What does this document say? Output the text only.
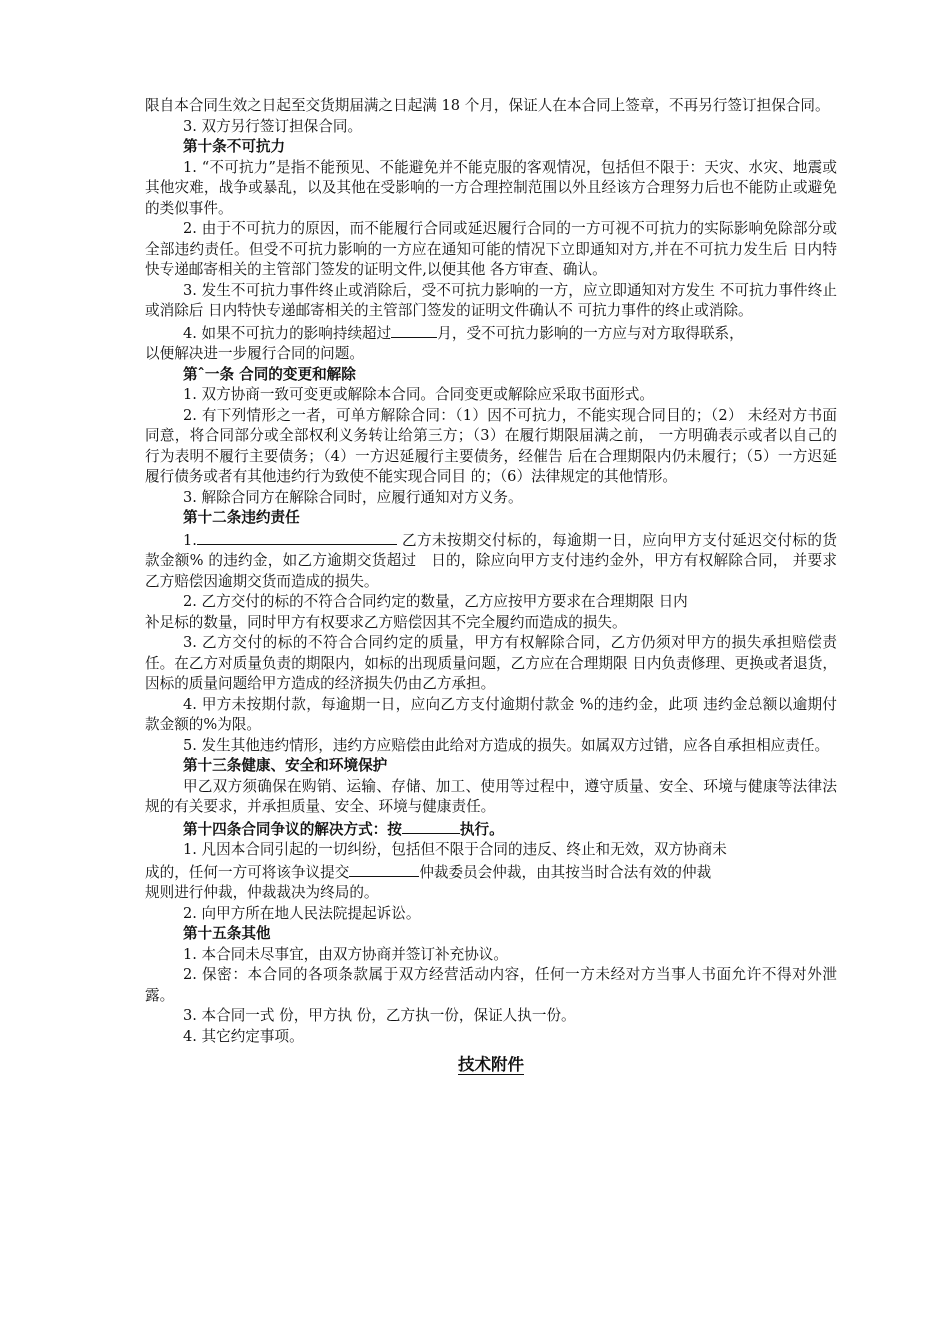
限自本合同生效之日起至交货期届满之日起满 18 个月，保证人在本合同上签章，不再另行签订担保合同。

3. 双方另行签订担保合同。

第十条不可抗力

1. “不可抗力”是指不能预见、不能避免并不能克服的客观情况，包括但不限于：天灾、水灾、地震或其他灾难，战争或暴乱，以及其他在受影响的一方合理控制范围以外且经该方合理努力后也不能防止或避免的类似事件。

2. 由于不可抗力的原因，而不能履行合同或延迟履行合同的一方可视不可抗力的实际影响免除部分或全部违约责任。但受不可抗力影响的一方应在通知可能的情况下立即通知对方,并在不可抗力发生后 日内特快专递邮寄相关的主管部门签发的证明文件,以便其他 各方审查、确认。

3. 发生不可抗力事件终止或消除后，受不可抗力影响的一方，应立即通知对方发生 不可抗力事件终止或消除后 日内特快专递邮寄相关的主管部门签发的证明文件确认不 可抗力事件的终止或消除。

4. 如果不可抗力的影响持续超过	月，受不可抗力影响的一方应与对方取得联系，

以便解决进一步履行合同的问题。

第ˆ一条 合同的变更和解除

1. 双方协商一致可变更或解除本合同。合同变更或解除应采取书面形式。

2. 有下列情形之一者，可单方解除合同：（1）因不可抗力，不能实现合同目的；（2） 未经对方书面同意，将合同部分或全部权利义务转让给第三方；（3）在履行期限届满之前， 一方明确表示或者以自己的行为表明不履行主要债务；（4）一方迟延履行主要债务，经催告 后在合理期限内仍未履行；（5）一方迟延履行债务或者有其他违约行为致使不能实现合同目 的；（6）法律规定的其他情形。

3. 解除合同方在解除合同时，应履行通知对方义务。

第十二条违约责任

1.	乙方未按期交付标的，每逾期一日，应向甲方支付延迟交付标的货款金额% 的违约金，如乙方逾期交货超过　日的，除应向甲方支付违约金外，甲方有权解除合同， 并要求乙方赔偿因逾期交货而造成的损失。

2. 乙方交付的标的不符合合同约定的数量，乙方应按甲方要求在合理期限 日内

补足标的数量，同时甲方有权要求乙方赔偿因其不完全履约而造成的损失。

3. 乙方交付的标的不符合合同约定的质量，甲方有权解除合同，乙方仍须对甲方的损失承担赔偿责任。在乙方对质量负责的期限内，如标的出现质量问题，乙方应在合理期限 日内负责修理、更换或者退货，因标的质量问题给甲方造成的经济损失仍由乙方承担。

4. 甲方未按期付款，每逾期一日，应向乙方支付逾期付款金 %的违约金，此项 违约金总额以逾期付款金额的%为限。

5. 发生其他违约情形，违约方应赔偿由此给对方造成的损失。如属双方过错，应各自承担相应责任。

第十三条健康、安全和环境保护

甲乙双方须确保在购销、运输、存储、加工、使用等过程中，遵守质量、安全、环境与健康等法律法规的有关要求，并承担质量、安全、环境与健康责任。

第十四条合同争议的解决方式：按	执行。

1. 凡因本合同引起的一切纠纷，包括但不限于合同的违反、终止和无效，双方协商未

成的，任何一方可将该争议提交	仲裁委员会仲裁，由其按当时合法有效的仲裁

规则进行仲裁，仲裁裁决为终局的。

2. 向甲方所在地人民法院提起诉讼。

第十五条其他

1. 本合同未尽事宜，由双方协商并签订补充协议。

2. 保密：本合同的各项条款属于双方经营活动内容，任何一方未经对方当事人书面允许不得对外泄露。

3. 本合同一式 份，甲方执 份，乙方执一份，保证人执一份。

4. 其它约定事项。

技术附件
